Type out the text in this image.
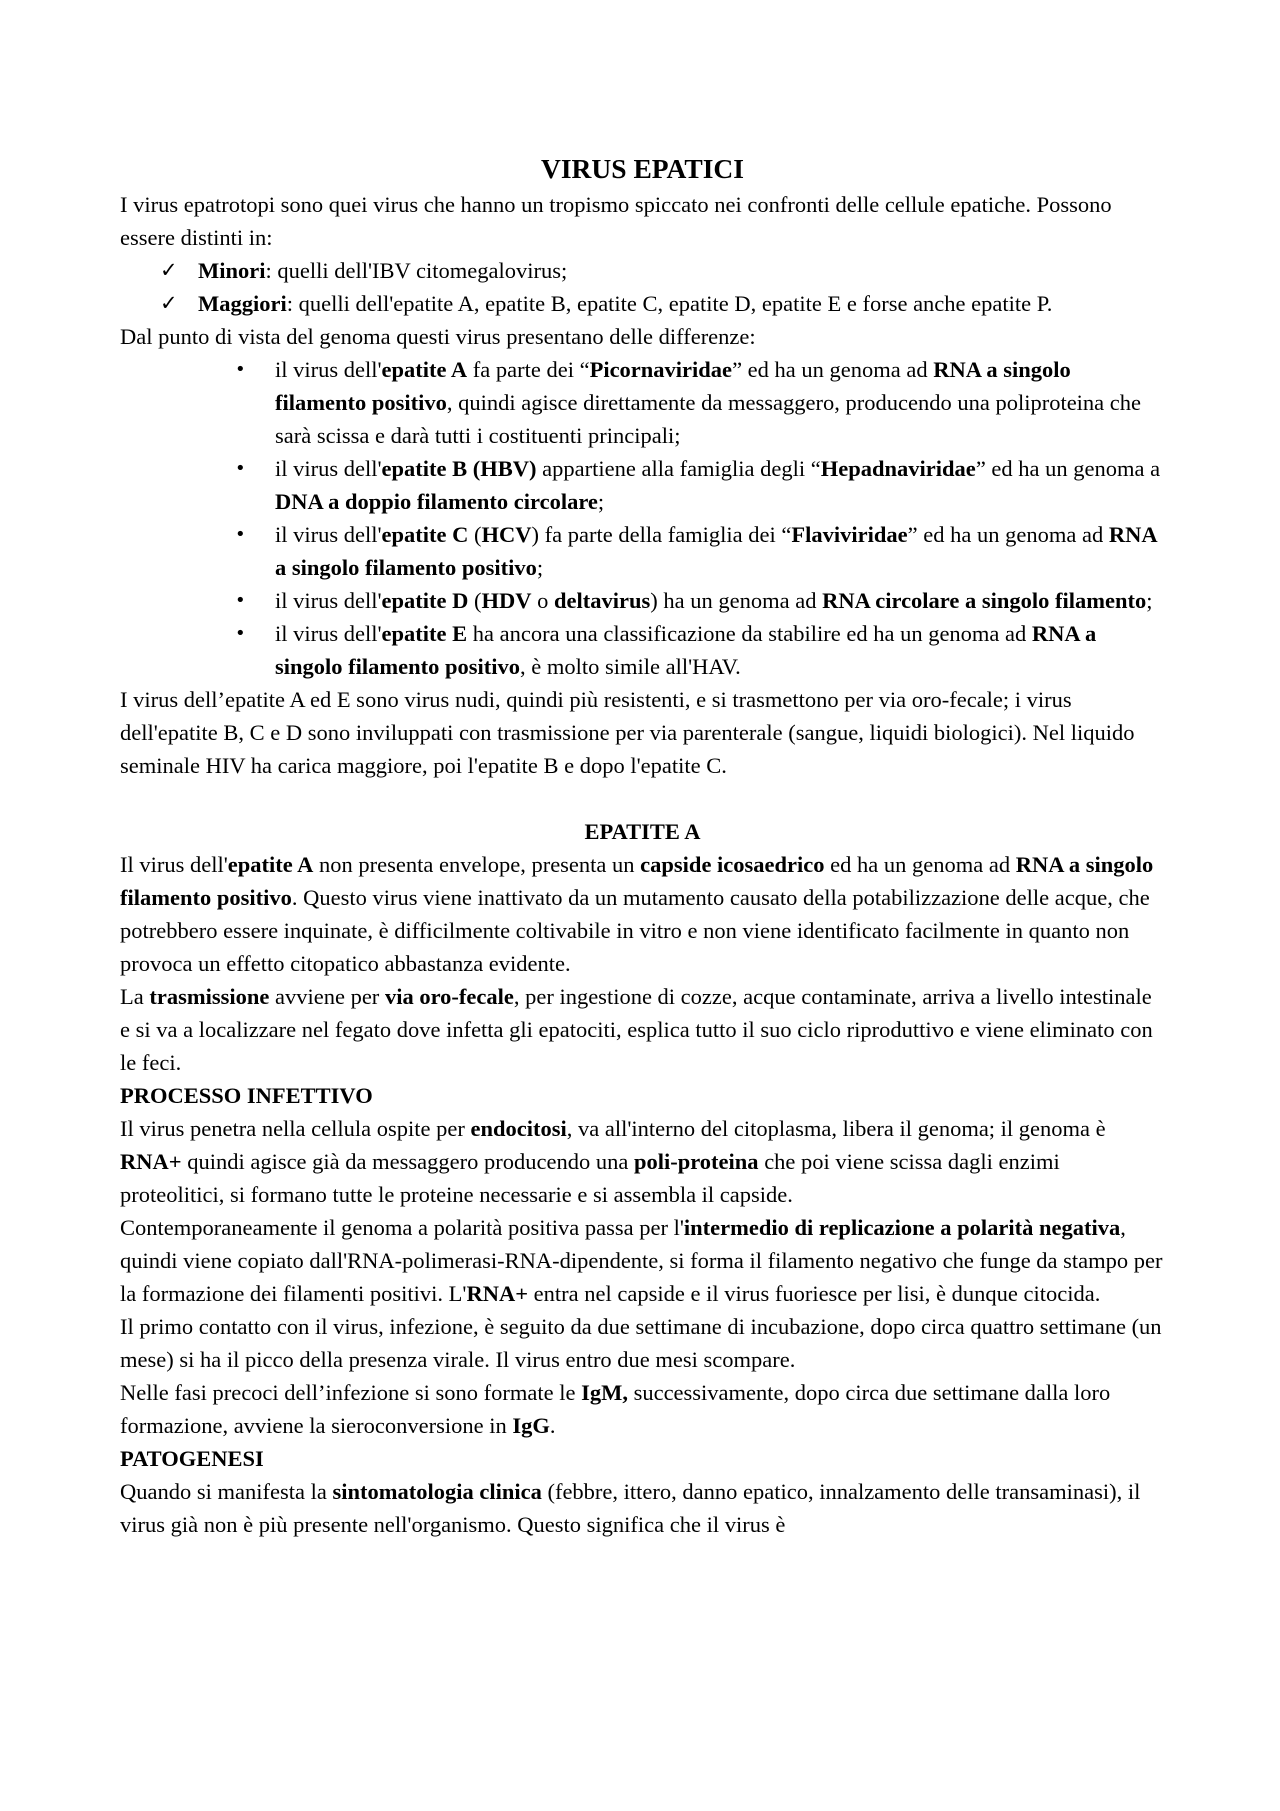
VIRUS EPATICI

I virus epatrotopi sono quei virus che hanno un tropismo spiccato nei confronti delle cellule epatiche. Possono essere distinti in:

✓ Minori: quelli dell'IBV citomegalovirus;
✓ Maggiori: quelli dell'epatite A, epatite B, epatite C, epatite D, epatite E e forse anche epatite P.

Dal punto di vista del genoma questi virus presentano delle differenze:

• il virus dell'epatite A fa parte dei “Picornaviridae” ed ha un genoma ad RNA a singolo filamento positivo, quindi agisce direttamente da messaggero, producendo una poliproteina che sarà scissa e darà tutti i costituenti principali;
• il virus dell'epatite B (HBV) appartiene alla famiglia degli “Hepadnaviridae” ed ha un genoma a DNA a doppio filamento circolare;
• il virus dell'epatite C (HCV) fa parte della famiglia dei “Flaviviridae” ed ha un genoma ad RNA a singolo filamento positivo;
• il virus dell'epatite D (HDV o deltavirus) ha un genoma ad RNA circolare a singolo filamento;
• il virus dell'epatite E ha ancora una classificazione da stabilire ed ha un genoma ad RNA a singolo filamento positivo, è molto simile all'HAV.

I virus dell’epatite A ed E sono virus nudi, quindi più resistenti, e si trasmettono per via oro-fecale; i virus dell'epatite B, C e D sono inviluppati con trasmissione per via parenterale (sangue, liquidi biologici). Nel liquido seminale HIV ha carica maggiore, poi l'epatite B e dopo l'epatite C.

EPATITE A

Il virus dell'epatite A non presenta envelope, presenta un capside icosaedrico ed ha un genoma ad RNA a singolo filamento positivo. Questo virus viene inattivato da un mutamento causato della potabilizzazione delle acque, che potrebbero essere inquinate, è difficilmente coltivabile in vitro e non viene identificato facilmente in quanto non provoca un effetto citopatico abbastanza evidente.

La trasmissione avviene per via oro-fecale, per ingestione di cozze, acque contaminate, arriva a livello intestinale e si va a localizzare nel fegato dove infetta gli epatociti, esplica tutto il suo ciclo riproduttivo e viene eliminato con le feci.

PROCESSO INFETTIVO

Il virus penetra nella cellula ospite per endocitosi, va all'interno del citoplasma, libera il genoma; il genoma è RNA+ quindi agisce già da messaggero producendo una poli-proteina che poi viene scissa dagli enzimi proteolitici, si formano tutte le proteine necessarie e si assembla il capside.

Contemporaneamente il genoma a polarità positiva passa per l'intermedio di replicazione a polarità negativa, quindi viene copiato dall'RNA-polimerasi-RNA-dipendente, si forma il filamento negativo che funge da stampo per la formazione dei filamenti positivi. L'RNA+ entra nel capside e il virus fuoriesce per lisi, è dunque citocida.

Il primo contatto con il virus, infezione, è seguito da due settimane di incubazione, dopo circa quattro settimane (un mese) si ha il picco della presenza virale. Il virus entro due mesi scompare.

Nelle fasi precoci dell’infezione si sono formate le IgM, successivamente, dopo circa due settimane dalla loro formazione, avviene la sieroconversione in IgG.

PATOGENESI

Quando si manifesta la sintomatologia clinica (febbre, ittero, danno epatico, innalzamento delle transaminasi), il virus già non è più presente nell'organismo. Questo significa che il virus è
